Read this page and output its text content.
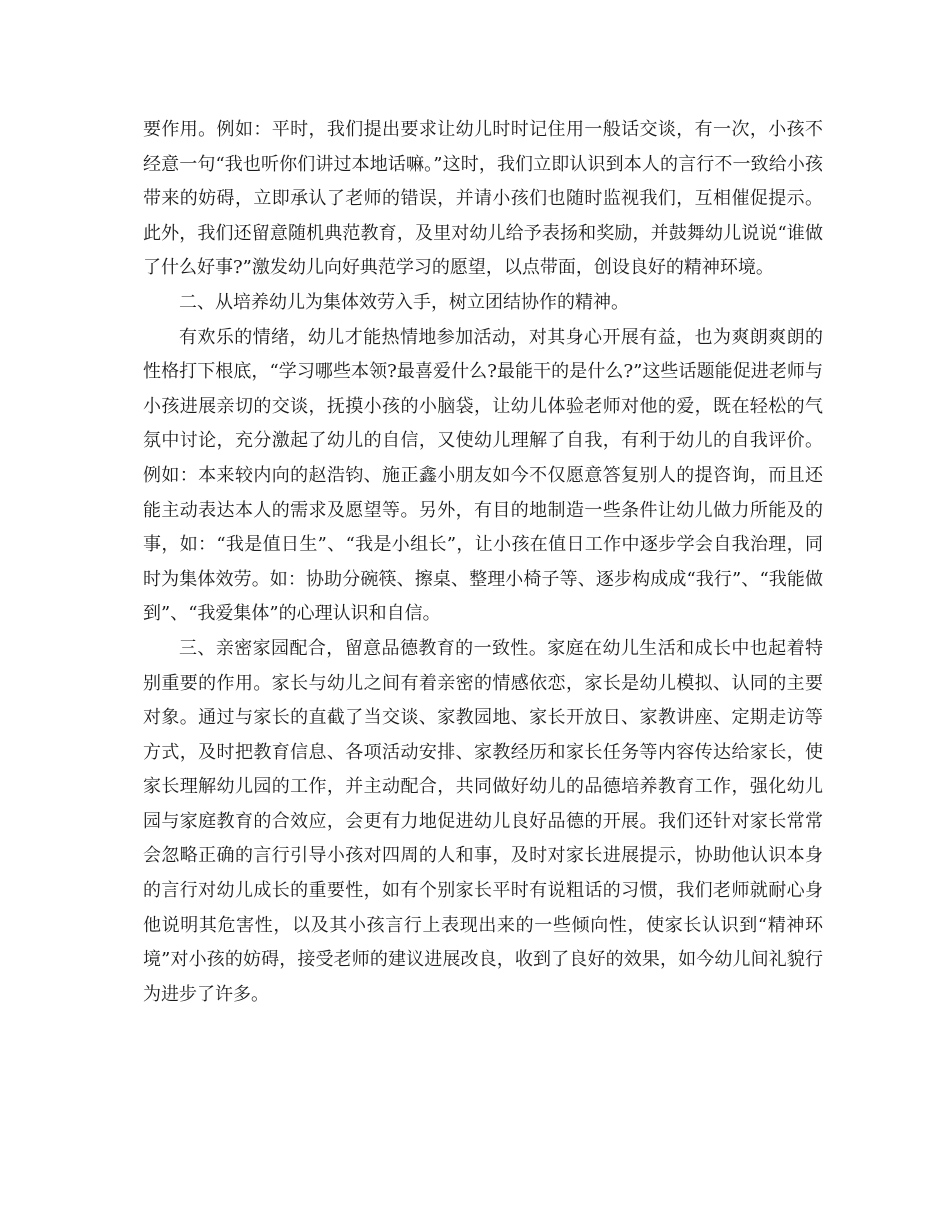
要作用。例如：平时，我们提出要求让幼儿时时记住用一般话交谈，有一次，小孩不经意一句“我也听你们讲过本地话嘛。”这时，我们立即认识到本人的言行不一致给小孩带来的妨碍，立即承认了老师的错误，并请小孩们也随时监视我们，互相催促提示。此外，我们还留意随机典范教育，及里对幼儿给予表扬和奖励，并鼓舞幼儿说说“谁做了什么好事?”激发幼儿向好典范学习的愿望，以点带面，创设良好的精神环境。

二、从培养幼儿为集体效劳入手，树立团结协作的精神。

有欢乐的情绪，幼儿才能热情地参加活动，对其身心开展有益，也为爽朗爽朗的性格打下根底，“学习哪些本领?最喜爱什么?最能干的是什么?”这些话题能促进老师与小孩进展亲切的交谈，抚摸小孩的小脑袋，让幼儿体验老师对他的爱，既在轻松的气氛中讨论，充分激起了幼儿的自信，又使幼儿理解了自我，有利于幼儿的自我评价。例如：本来较内向的赵浩钧、施正鑫小朋友如今不仅愿意答复别人的提咨询，而且还能主动表达本人的需求及愿望等。另外，有目的地制造一些条件让幼儿做力所能及的事，如：“我是值日生”、“我是小组长”，让小孩在值日工作中逐步学会自我治理，同时为集体效劳。如：协助分碗筷、擦桌、整理小椅子等、逐步构成成“我行”、“我能做到”、“我爱集体”的心理认识和自信。

三、亲密家园配合，留意品德教育的一致性。家庭在幼儿生活和成长中也起着特别重要的作用。家长与幼儿之间有着亲密的情感依恋，家长是幼儿模拟、认同的主要对象。通过与家长的直截了当交谈、家教园地、家长开放日、家教讲座、定期走访等方式，及时把教育信息、各项活动安排、家教经历和家长任务等内容传达给家长，使家长理解幼儿园的工作，并主动配合，共同做好幼儿的品德培养教育工作，强化幼儿园与家庭教育的合效应，会更有力地促进幼儿良好品德的开展。我们还针对家长常常会忽略正确的言行引导小孩对四周的人和事，及时对家长进展提示，协助他认识本身的言行对幼儿成长的重要性，如有个别家长平时有说粗话的习惯，我们老师就耐心身他说明其危害性，以及其小孩言行上表现出来的一些倾向性，使家长认识到“精神环境”对小孩的妨碍，接受老师的建议进展改良，收到了良好的效果，如今幼儿间礼貌行为进步了许多。
